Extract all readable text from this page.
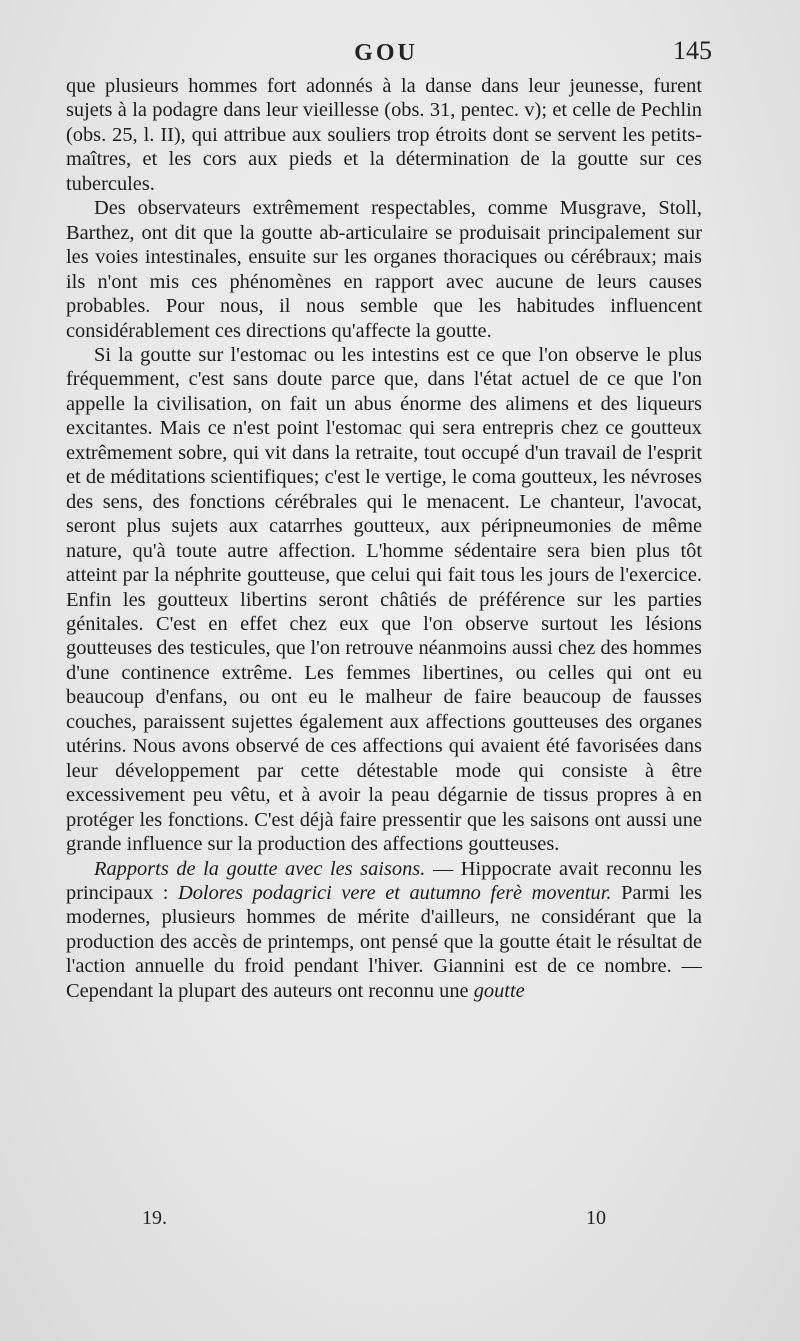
GOU	145

que plusieurs hommes fort adonnés à la danse dans leur jeunesse, furent sujets à la podagre dans leur vieillesse (obs. 31, pentec. v); et celle de Pechlin (obs. 25, l. II), qui attribue aux souliers trop étroits dont se servent les petits-maîtres, et les cors aux pieds et la détermination de la goutte sur ces tubercules.

Des observateurs extrêmement respectables, comme Musgrave, Stoll, Barthez, ont dit que la goutte ab-articulaire se produisait principalement sur les voies intestinales, ensuite sur les organes thoraciques ou cérébraux; mais ils n'ont mis ces phénomènes en rapport avec aucune de leurs causes probables. Pour nous, il nous semble que les habitudes influencent considérablement ces directions qu'affecte la goutte.

Si la goutte sur l'estomac ou les intestins est ce que l'on observe le plus fréquemment, c'est sans doute parce que, dans l'état actuel de ce que l'on appelle la civilisation, on fait un abus énorme des alimens et des liqueurs excitantes. Mais ce n'est point l'estomac qui sera entrepris chez ce goutteux extrêmement sobre, qui vit dans la retraite, tout occupé d'un travail de l'esprit et de méditations scientifiques; c'est le vertige, le coma goutteux, les névroses des sens, des fonctions cérébrales qui le menacent. Le chanteur, l'avocat, seront plus sujets aux catarrhes goutteux, aux péripneumonies de même nature, qu'à toute autre affection. L'homme sédentaire sera bien plus tôt atteint par la néphrite goutteuse, que celui qui fait tous les jours de l'exercice. Enfin les goutteux libertins seront châtiés de préférence sur les parties génitales. C'est en effet chez eux que l'on observe surtout les lésions goutteuses des testicules, que l'on retrouve néanmoins aussi chez des hommes d'une continence extrême. Les femmes libertines, ou celles qui ont eu beaucoup d'enfans, ou ont eu le malheur de faire beaucoup de fausses couches, paraissent sujettes également aux affections goutteuses des organes utérins. Nous avons observé de ces affections qui avaient été favorisées dans leur développement par cette détestable mode qui consiste à être excessivement peu vêtu, et à avoir la peau dégarnie de tissus propres à en protéger les fonctions. C'est déjà faire pressentir que les saisons ont aussi une grande influence sur la production des affections goutteuses.

Rapports de la goutte avec les saisons. — Hippocrate avait reconnu les principaux : Dolores podagrici vere et autumno ferè moventur. Parmi les modernes, plusieurs hommes de mérite d'ailleurs, ne considérant que la production des accès de printemps, ont pensé que la goutte était le résultat de l'action annuelle du froid pendant l'hiver. Giannini est de ce nombre. — Cependant la plupart des auteurs ont reconnu une goutte

19.	10
